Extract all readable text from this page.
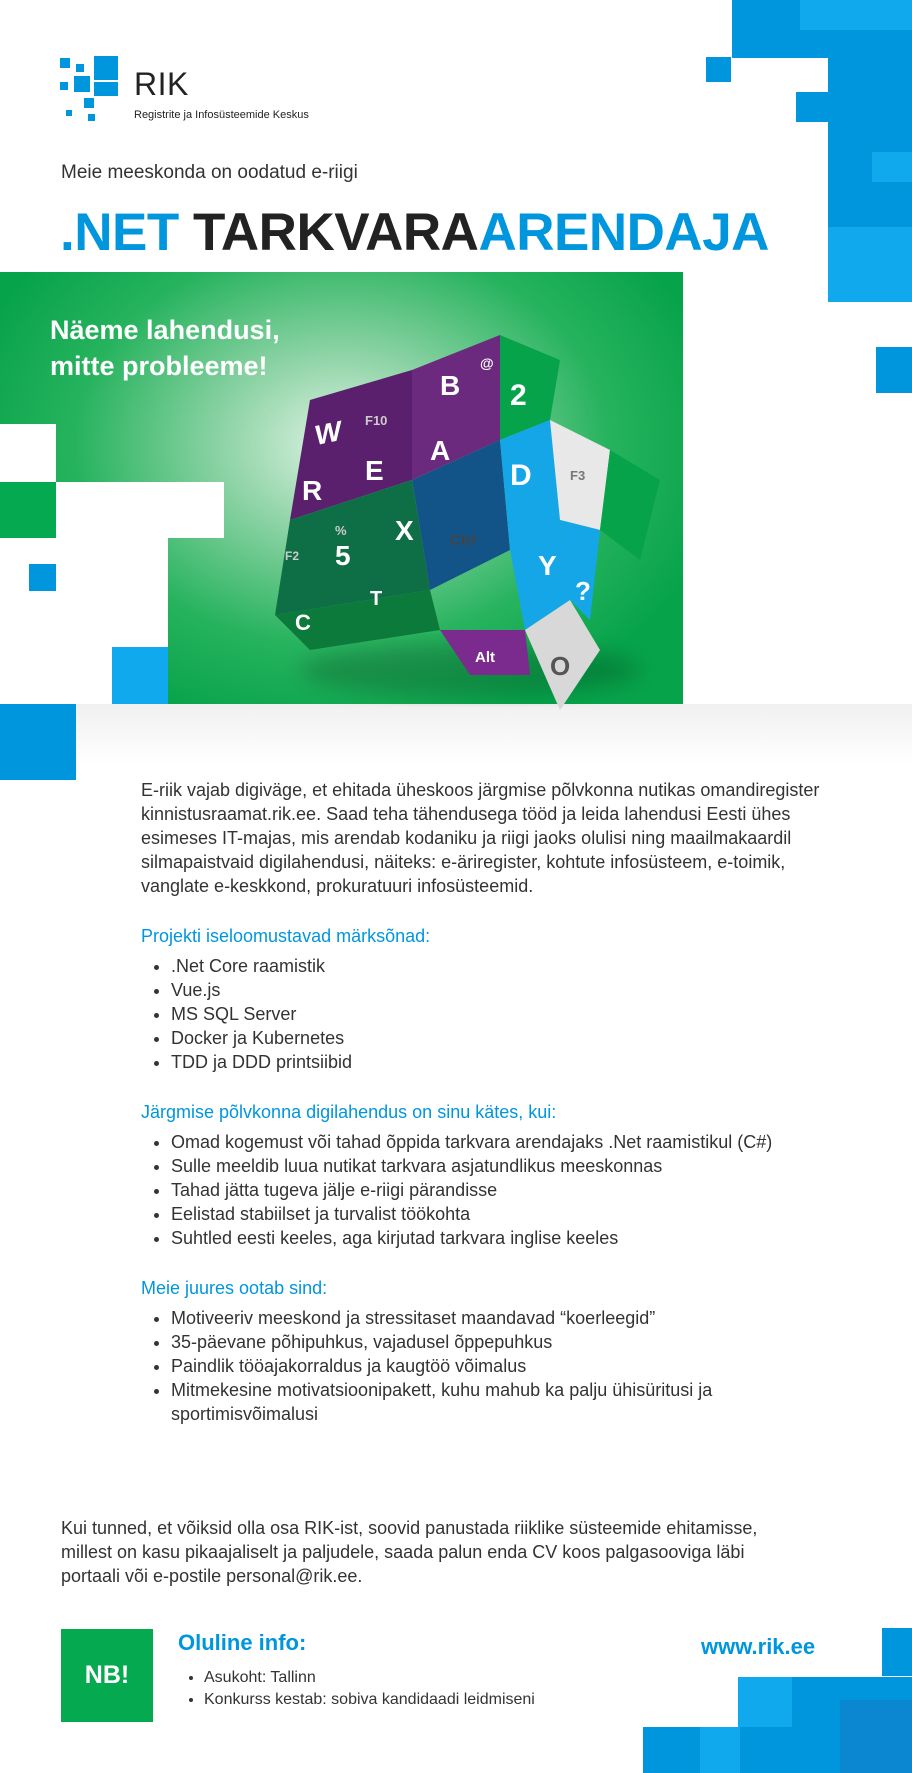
RIK
Registrite ja Infosüsteemide Keskus
Meie meeskonda on oodatud e-riigi
.NET TARKVARAARENDAJA
Näeme lahendusi,
mitte probleeme!
W F10
B
@
2
R
E
A
D	F3
F2
%
5
X Ctrl
Y
?
C
T
Alt O

E-riik vajab digiväge, et ehitada üheskoos järgmise põlvkonna nutikas omandiregister kinnistusraamat.rik.ee. Saad teha tähendusega tööd ja leida lahendusi Eesti ühes esimeses IT-majas, mis arendab kodaniku ja riigi jaoks olulisi ning maailmakaardil silmapaistvaid digilahendusi, näiteks: e-äriregister, kohtute infosüsteem, e-toimik, vanglate e-keskkond, prokuratuuri infosüsteemid.

Projekti iseloomustavad märksõnad:

• .Net Core raamistik
• Vue.js
• MS SQL Server
• Docker ja Kubernetes
• TDD ja DDD printsiibid

Järgmise põlvkonna digilahendus on sinu kätes, kui:

• Omad kogemust või tahad õppida tarkvara arendajaks .Net raamistikul (C#)
• Sulle meeldib luua nutikat tarkvara asjatundlikus meeskonnas
• Tahad jätta tugeva jälje e-riigi pärandisse
• Eelistad stabiilset ja turvalist töökohta
• Suhtled eesti keeles, aga kirjutad tarkvara inglise keeles

Meie juures ootab sind:

• Motiveeriv meeskond ja stressitaset maandavad “koerleegid”
• 35-päevane põhipuhkus, vajadusel õppepuhkus
• Paindlik tööajakorraldus ja kaugtöö võimalus
• Mitmekesine motivatsioonipakett, kuhu mahub ka palju ühisüritusi ja sportimisvõimalusi
Kui tunned, et võiksid olla osa RIK-ist, soovid panustada riiklike süsteemide ehitamisse, millest on kasu pikaajaliselt ja paljudele, saada palun enda CV koos palgasooviga läbi portaali või e-postile personal@rik.ee.
NB!
Oluline info:
• Asukoht: Tallinn
• Konkurss kestab: sobiva kandidaadi leidmiseni
www.rik.ee
